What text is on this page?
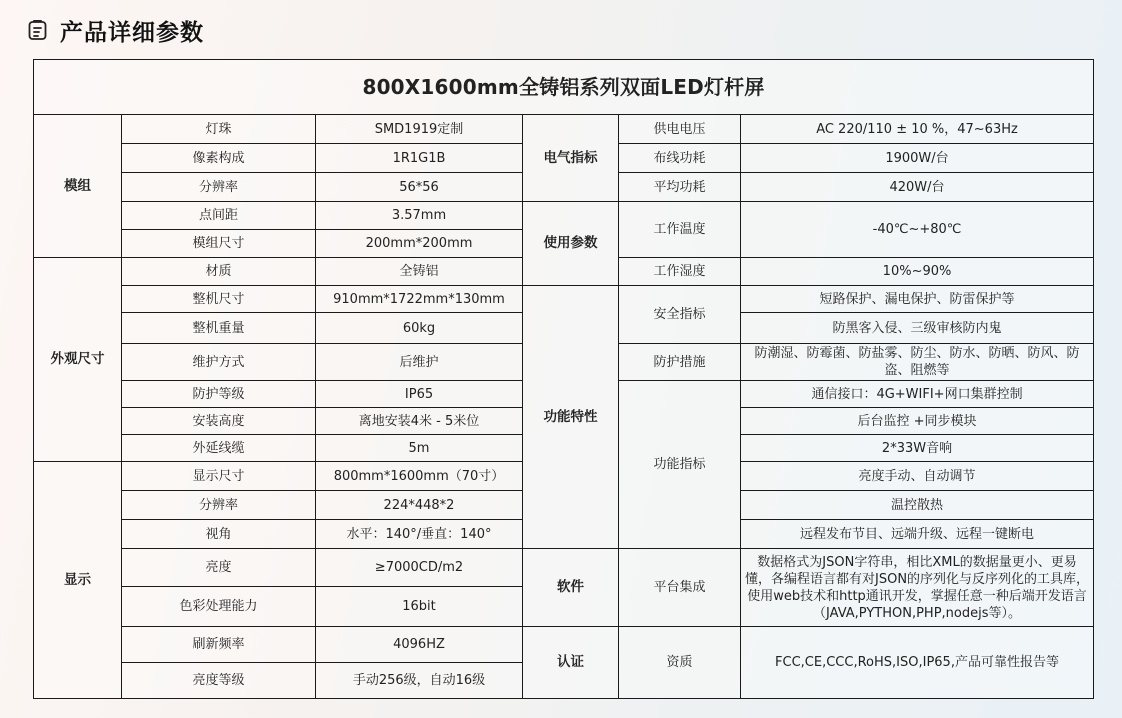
产品详细参数
800X1600mm全铸铝系列双面LED灯杆屏					
模组	灯珠	SMD1919定制	电气指标	供电电压	AC 220/110 ± 10 %，47~63Hz
	像素构成	1R1G1B		布线功耗	1900W/台
	分辨率	56*56		平均功耗	420W/台
	点间距	3.57mm	使用参数	工作温度	-40℃~+80℃
	模组尺寸	200mm*200mm			
外观尺寸	材质	全铸铝		工作湿度	10%~90%
	整机尺寸	910mm*1722mm*130mm	功能特性	安全指标	短路保护、漏电保护、防雷保护等
	整机重量	60kg			防黑客入侵、三级审核防内鬼
	维护方式	后维护		防护措施	防潮湿、防霉菌、防盐雾、防尘、防水、防晒、防风、防盗、阻燃等
	防护等级	IP65		功能指标	通信接口：4G+WIFI+网口集群控制
	安装高度	离地安装4米 - 5米位			后台监控 +同步模块
	外延线缆	5m			2*33W音响
显示	显示尺寸	800mm*1600mm（70寸）			亮度手动、自动调节
	分辨率	224*448*2			温控散热
	视角	水平：140°/垂直：140°			远程发布节目、远端升级、远程一键断电
	亮度	≥7000CD/m2	软件	平台集成	数据格式为JSON字符串，相比XML的数据量更小、更易懂，各编程语言都有对JSON的序列化与反序列化的工具库，使用web技术和http通讯开发，掌握任意一种后端开发语言（JAVA,PYTHON,PHP,nodejs等）。
	色彩处理能力	16bit			
	刷新频率	4096HZ	认证	资质	FCC,CE,CCC,RoHS,ISO,IP65,产品可靠性报告等
	亮度等级	手动256级，自动16级			
